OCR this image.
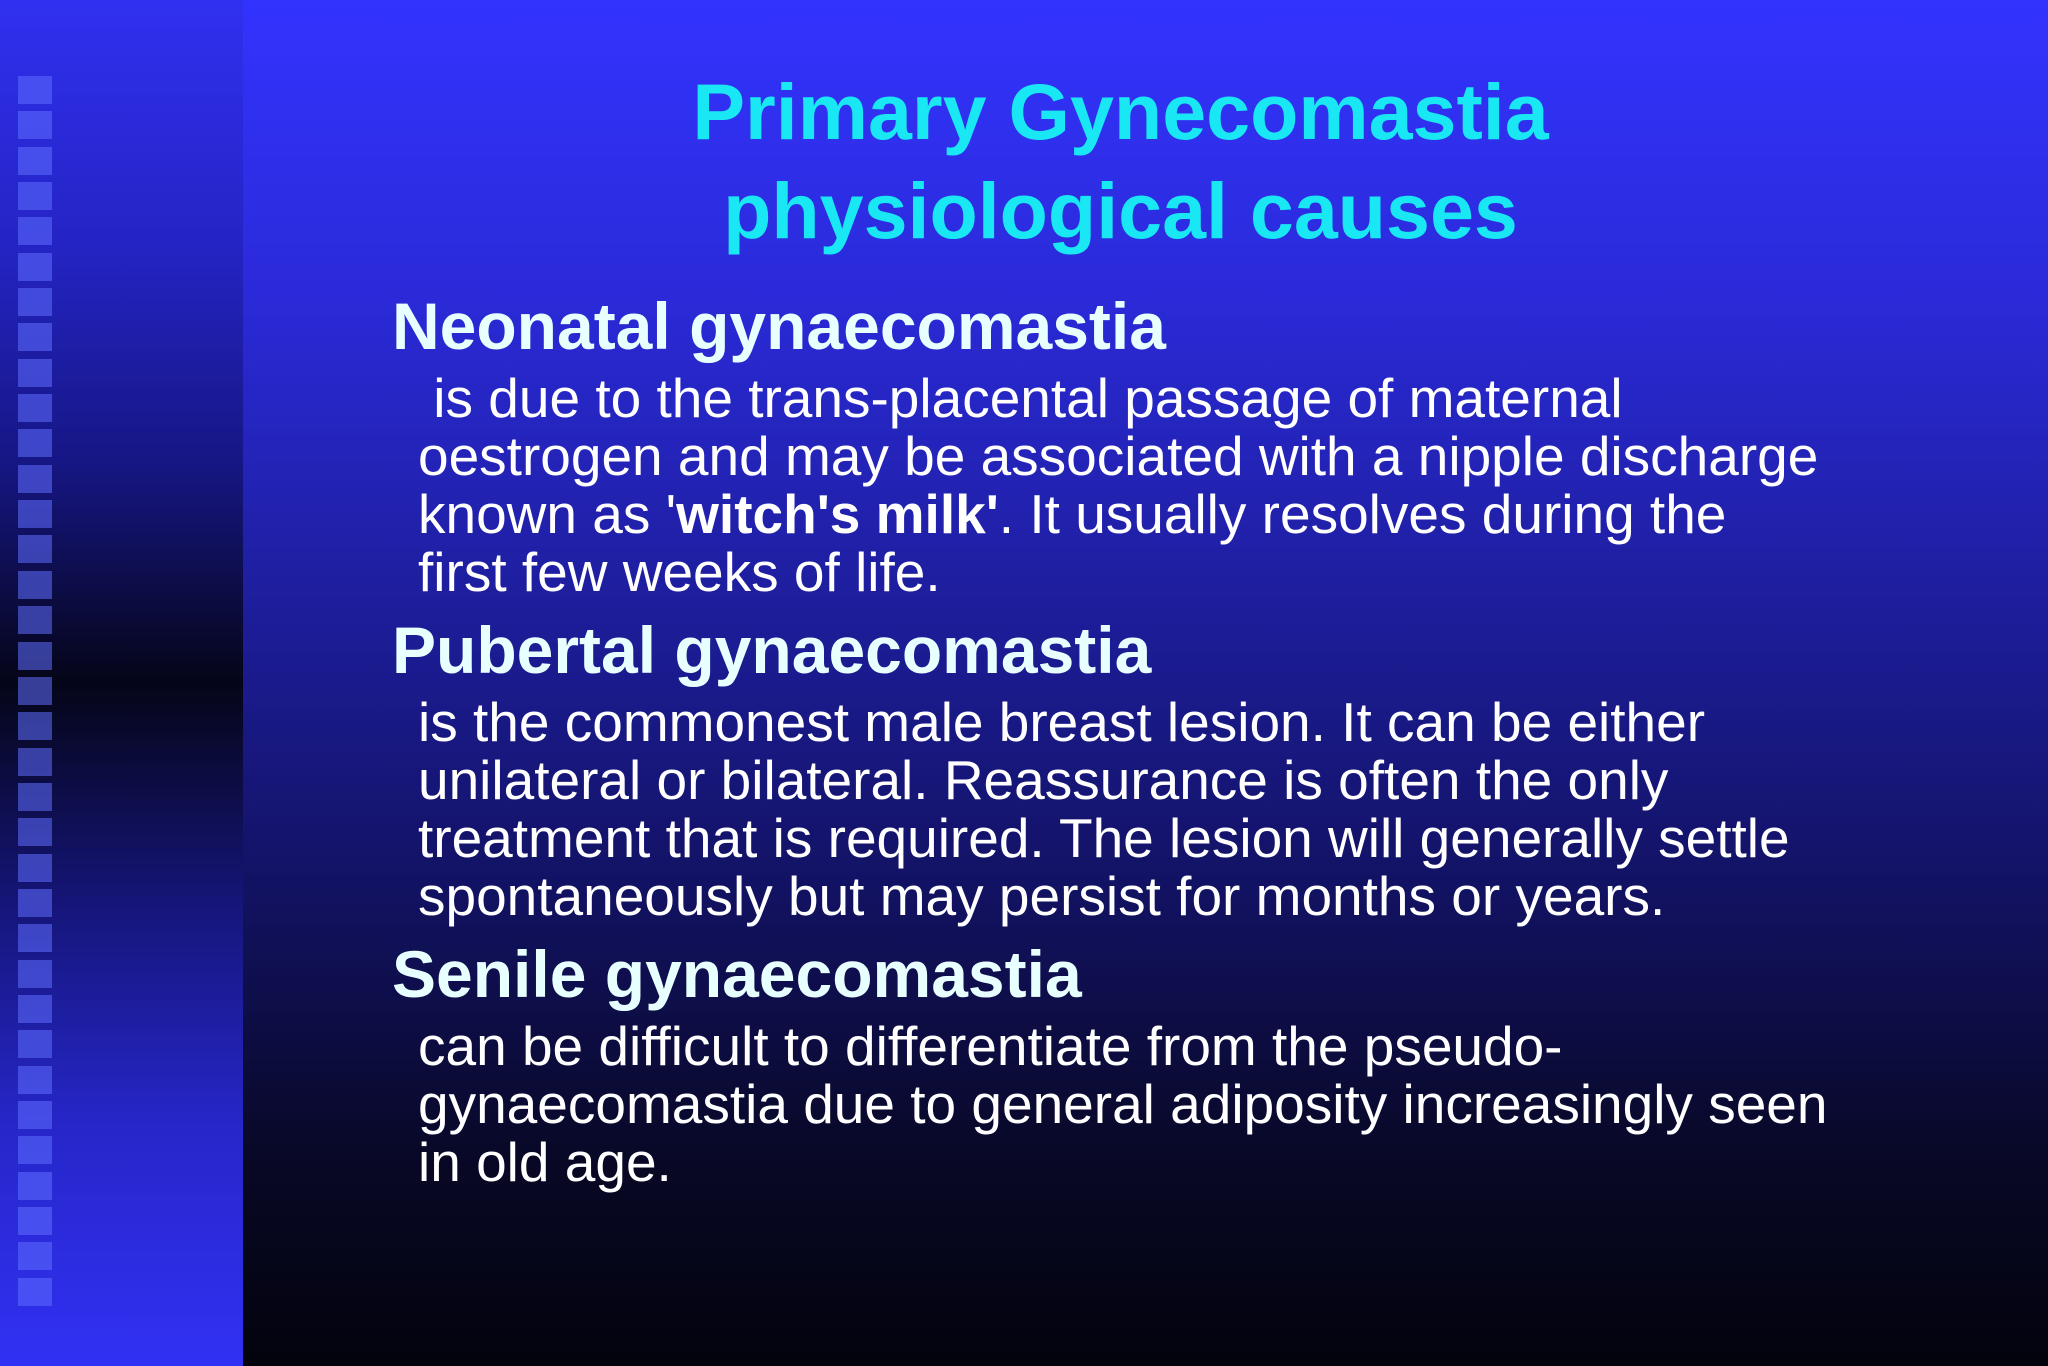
Primary Gynecomastia
physiological causes
Neonatal gynaecomastia
is due to the trans-placental passage of maternal
oestrogen and may be associated with a nipple discharge
known as 'witch's milk'. It usually resolves during the
first few weeks of life.
Pubertal gynaecomastia
is the commonest male breast lesion. It can be either
unilateral or bilateral. Reassurance is often the only
treatment that is required. The lesion will generally settle
spontaneously but may persist for months or years.
Senile gynaecomastia
can be difficult to differentiate from the pseudo-
gynaecomastia due to general adiposity increasingly seen
in old age.
